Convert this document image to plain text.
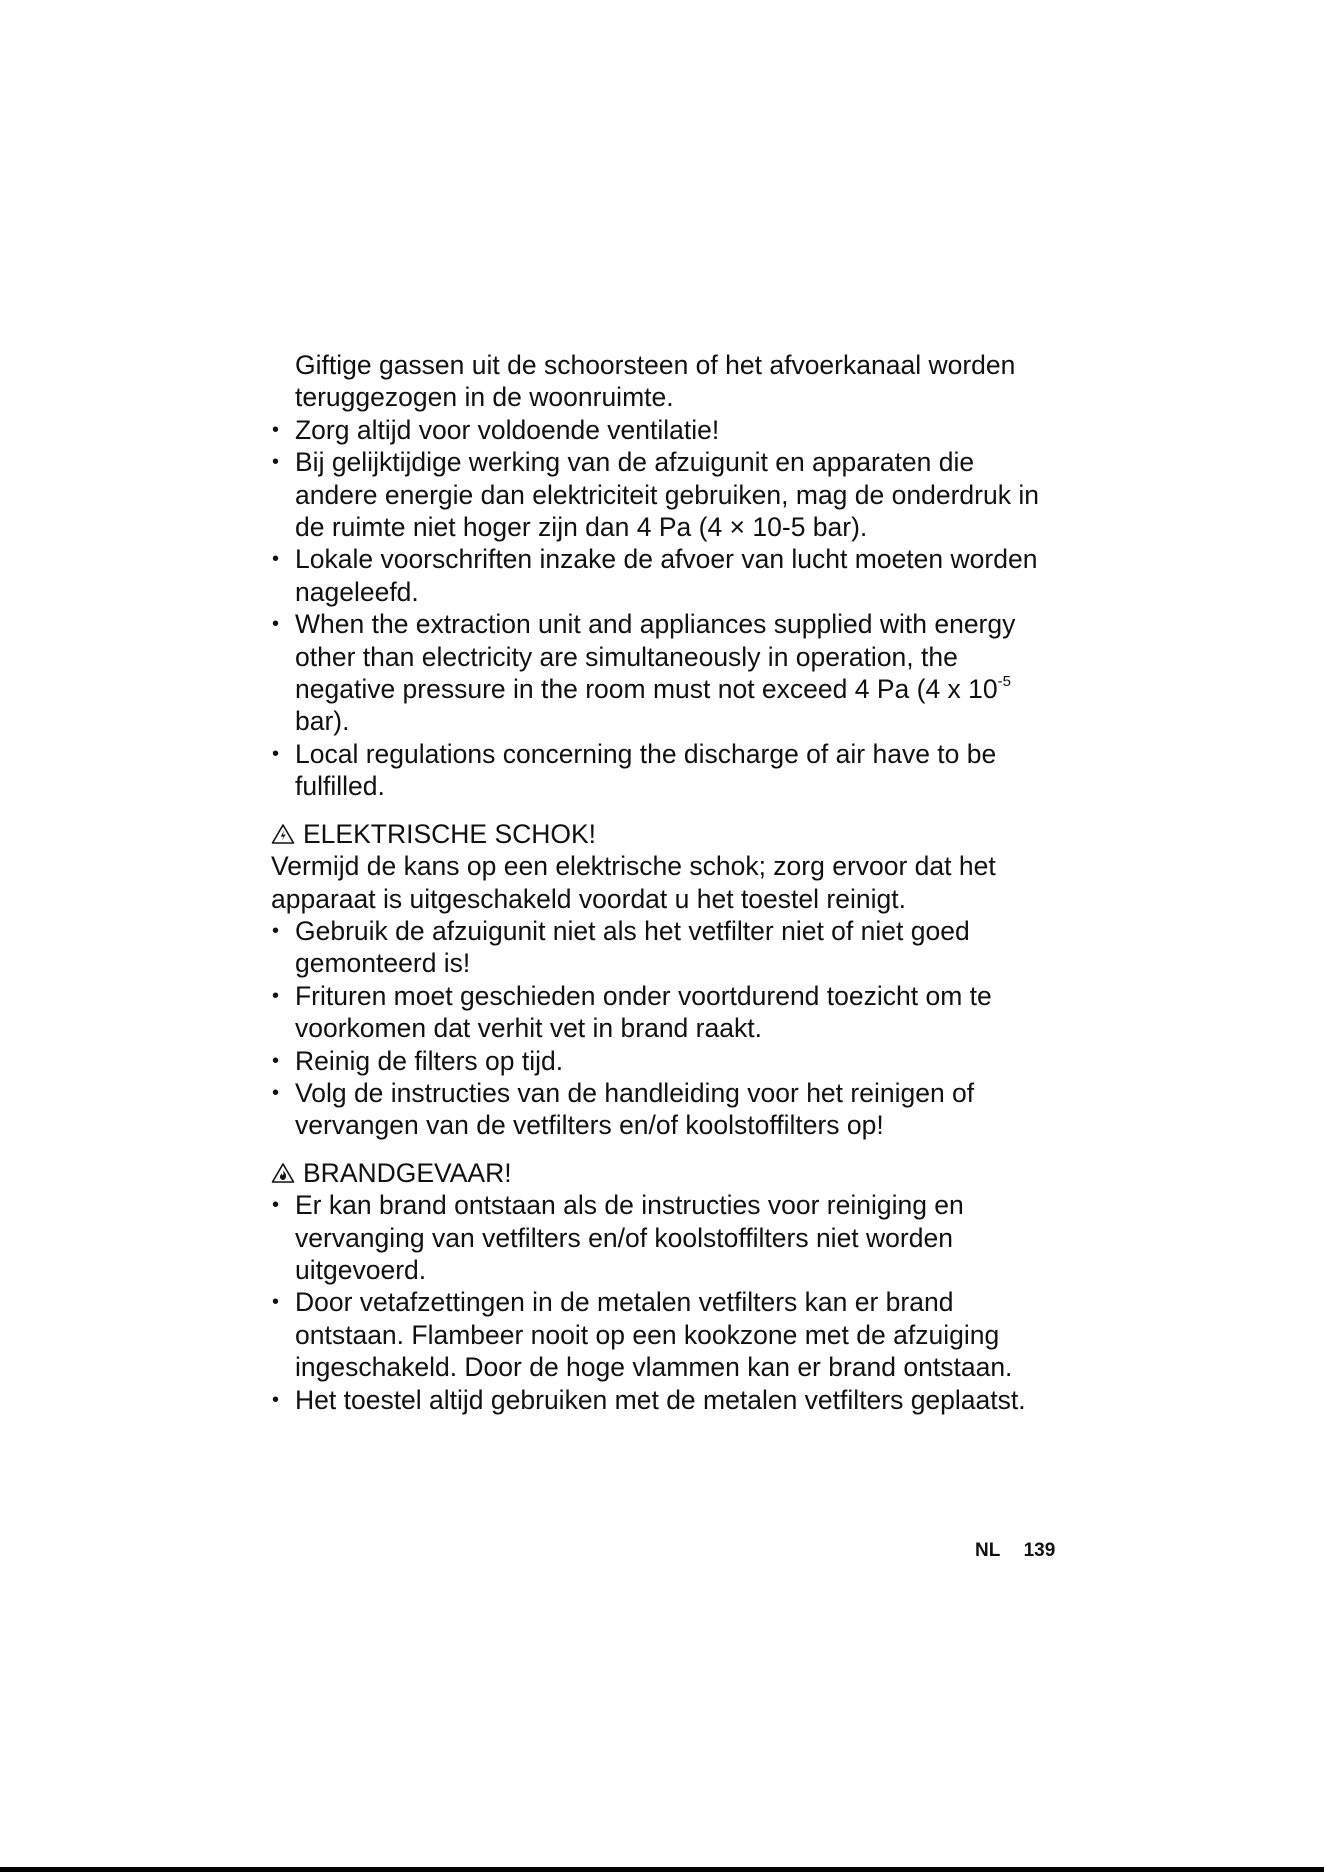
Giftige gassen uit de schoorsteen of het afvoerkanaal worden teruggezogen in de woonruimte.

• Zorg altijd voor voldoende ventilatie!
• Bij gelijktijdige werking van de afzuigunit en apparaten die andere energie dan elektriciteit gebruiken, mag de onderdruk in de ruimte niet hoger zijn dan 4 Pa (4 × 10-5 bar).
• Lokale voorschriften inzake de afvoer van lucht moeten worden nageleefd.
• When the extraction unit and appliances supplied with energy other than electricity are simultaneously in operation, the negative pressure in the room must not exceed 4 Pa (4 x $10^{-5}$ bar).
• Local regulations concerning the discharge of air have to be fulfilled.
ELEKTRISCHE SCHOK!

Vermijd de kans op een elektrische schok; zorg ervoor dat het apparaat is uitgeschakeld voordat u het toestel reinigt.

• Gebruik de afzuigunit niet als het vetfilter niet of niet goed gemonteerd is!
• Frituren moet geschieden onder voortdurend toezicht om te voorkomen dat verhit vet in brand raakt.
• Reinig de filters op tijd.
• Volg de instructies van de handleiding voor het reinigen of vervangen van de vetfilters en/of koolstoffilters op!
BRANDGEVAAR!
• Er kan brand ontstaan als de instructies voor reiniging en vervanging van vetfilters en/of koolstoffilters niet worden uitgevoerd.
• Door vetafzettingen in de metalen vetfilters kan er brand ontstaan. Flambeer nooit op een kookzone met de afzuiging ingeschakeld. Door de hoge vlammen kan er brand ontstaan.
• Het toestel altijd gebruiken met de metalen vetfilters geplaatst.
NL 139
